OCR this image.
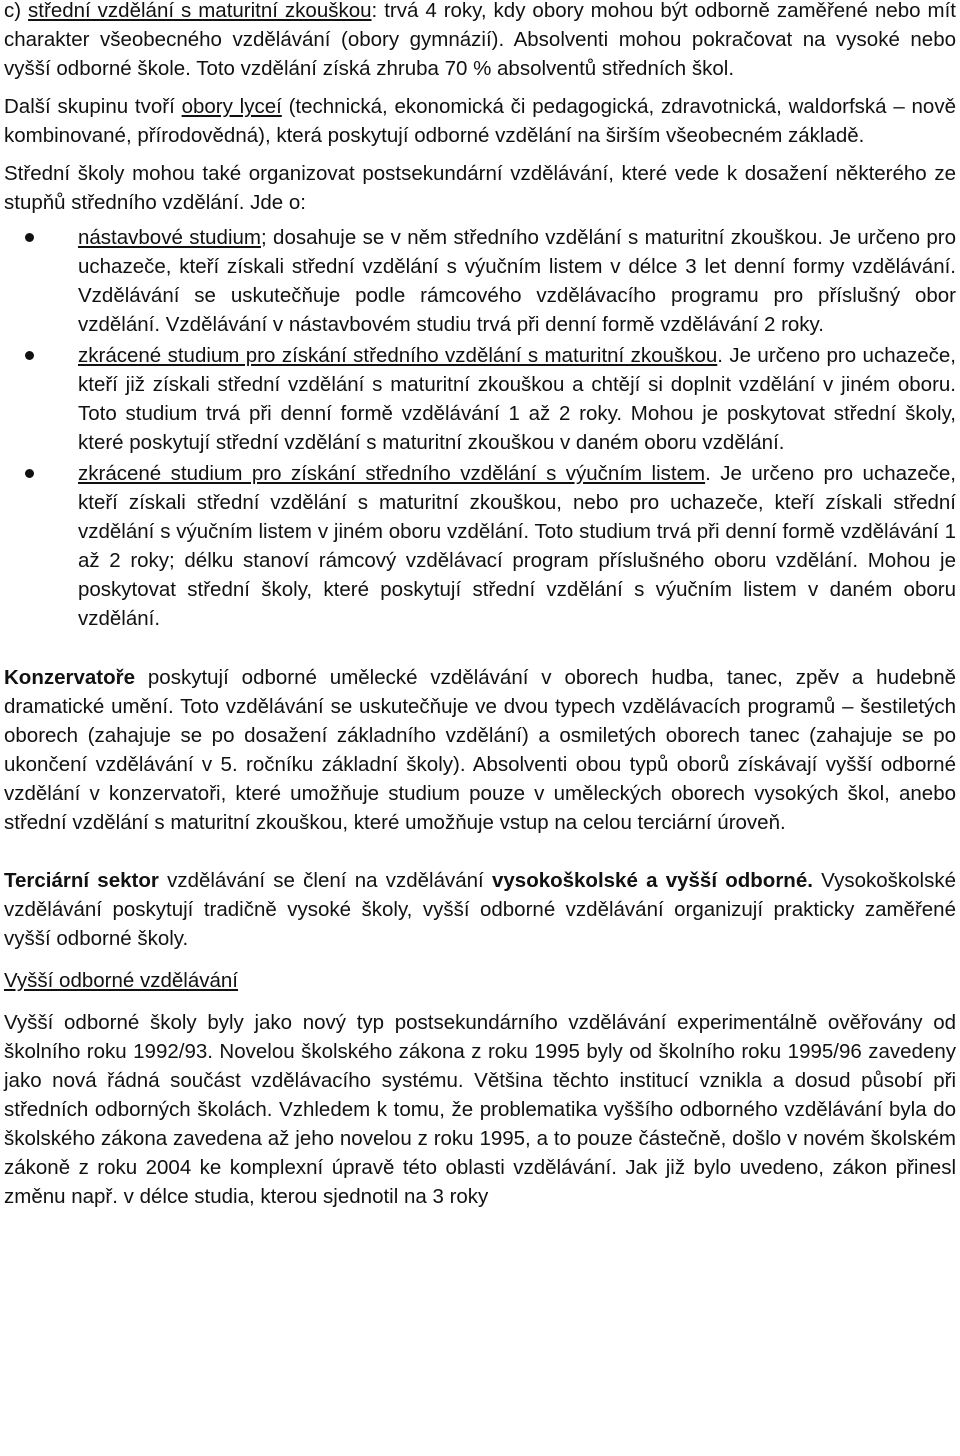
c) střední vzdělání s maturitní zkouškou: trvá 4 roky, kdy obory mohou být odborně zaměřené nebo mít charakter všeobecného vzdělávání (obory gymnázií). Absolventi mohou pokračovat na vysoké nebo vyšší odborné škole. Toto vzdělání získá zhruba 70 % absolventů středních škol.

Další skupinu tvoří obory lyceí (technická, ekonomická či pedagogická, zdravotnická, waldorfská – nově kombinované, přírodovědná), která poskytují odborné vzdělání na širším všeobecném základě.

Střední školy mohou také organizovat postsekundární vzdělávání, které vede k dosažení některého ze stupňů středního vzdělání. Jde o:

nástavbové studium; dosahuje se v něm středního vzdělání s maturitní zkouškou. Je určeno pro uchazeče, kteří získali střední vzdělání s výučním listem v délce 3 let denní formy vzdělávání. Vzdělávání se uskutečňuje podle rámcového vzdělávacího programu pro příslušný obor vzdělání. Vzdělávání v nástavbovém studiu trvá při denní formě vzdělávání 2 roky.
zkrácené studium pro získání středního vzdělání s maturitní zkouškou. Je určeno pro uchazeče, kteří již získali střední vzdělání s maturitní zkouškou a chtějí si doplnit vzdělání v jiném oboru. Toto studium trvá při denní formě vzdělávání 1 až 2 roky. Mohou je poskytovat střední školy, které poskytují střední vzdělání s maturitní zkouškou v daném oboru vzdělání.
zkrácené studium pro získání středního vzdělání s výučním listem. Je určeno pro uchazeče, kteří získali střední vzdělání s maturitní zkouškou, nebo pro uchazeče, kteří získali střední vzdělání s výučním listem v jiném oboru vzdělání. Toto studium trvá při denní formě vzdělávání 1 až 2 roky; délku stanoví rámcový vzdělávací program příslušného oboru vzdělání. Mohou je poskytovat střední školy, které poskytují střední vzdělání s výučním listem v daném oboru vzdělání.

Konzervatoře poskytují odborné umělecké vzdělávání v oborech hudba, tanec, zpěv a hudebně dramatické umění. Toto vzdělávání se uskutečňuje ve dvou typech vzdělávacích programů – šestiletých oborech (zahajuje se po dosažení základního vzdělání) a osmiletých oborech tanec (zahajuje se po ukončení vzdělávání v 5. ročníku základní školy). Absolventi obou typů oborů získávají vyšší odborné vzdělání v konzervatoři, které umožňuje studium pouze v uměleckých oborech vysokých škol, anebo střední vzdělání s maturitní zkouškou, které umožňuje vstup na celou terciární úroveň.

Terciární sektor vzdělávání se člení na vzdělávání vysokoškolské a vyšší odborné. Vysokoškolské vzdělávání poskytují tradičně vysoké školy, vyšší odborné vzdělávání organizují prakticky zaměřené vyšší odborné školy.

Vyšší odborné vzdělávání

Vyšší odborné školy byly jako nový typ postsekundárního vzdělávání experimentálně ověřovány od školního roku 1992/93. Novelou školského zákona z roku 1995 byly od školního roku 1995/96 zavedeny jako nová řádná součást vzdělávacího systému. Většina těchto institucí vznikla a dosud působí při středních odborných školách. Vzhledem k tomu, že problematika vyššího odborného vzdělávání byla do školského zákona zavedena až jeho novelou z roku 1995, a to pouze částečně, došlo v novém školském zákoně z roku 2004 ke komplexní úpravě této oblasti vzdělávání. Jak již bylo uvedeno, zákon přinesl změnu např. v délce studia, kterou sjednotil na 3 roky
